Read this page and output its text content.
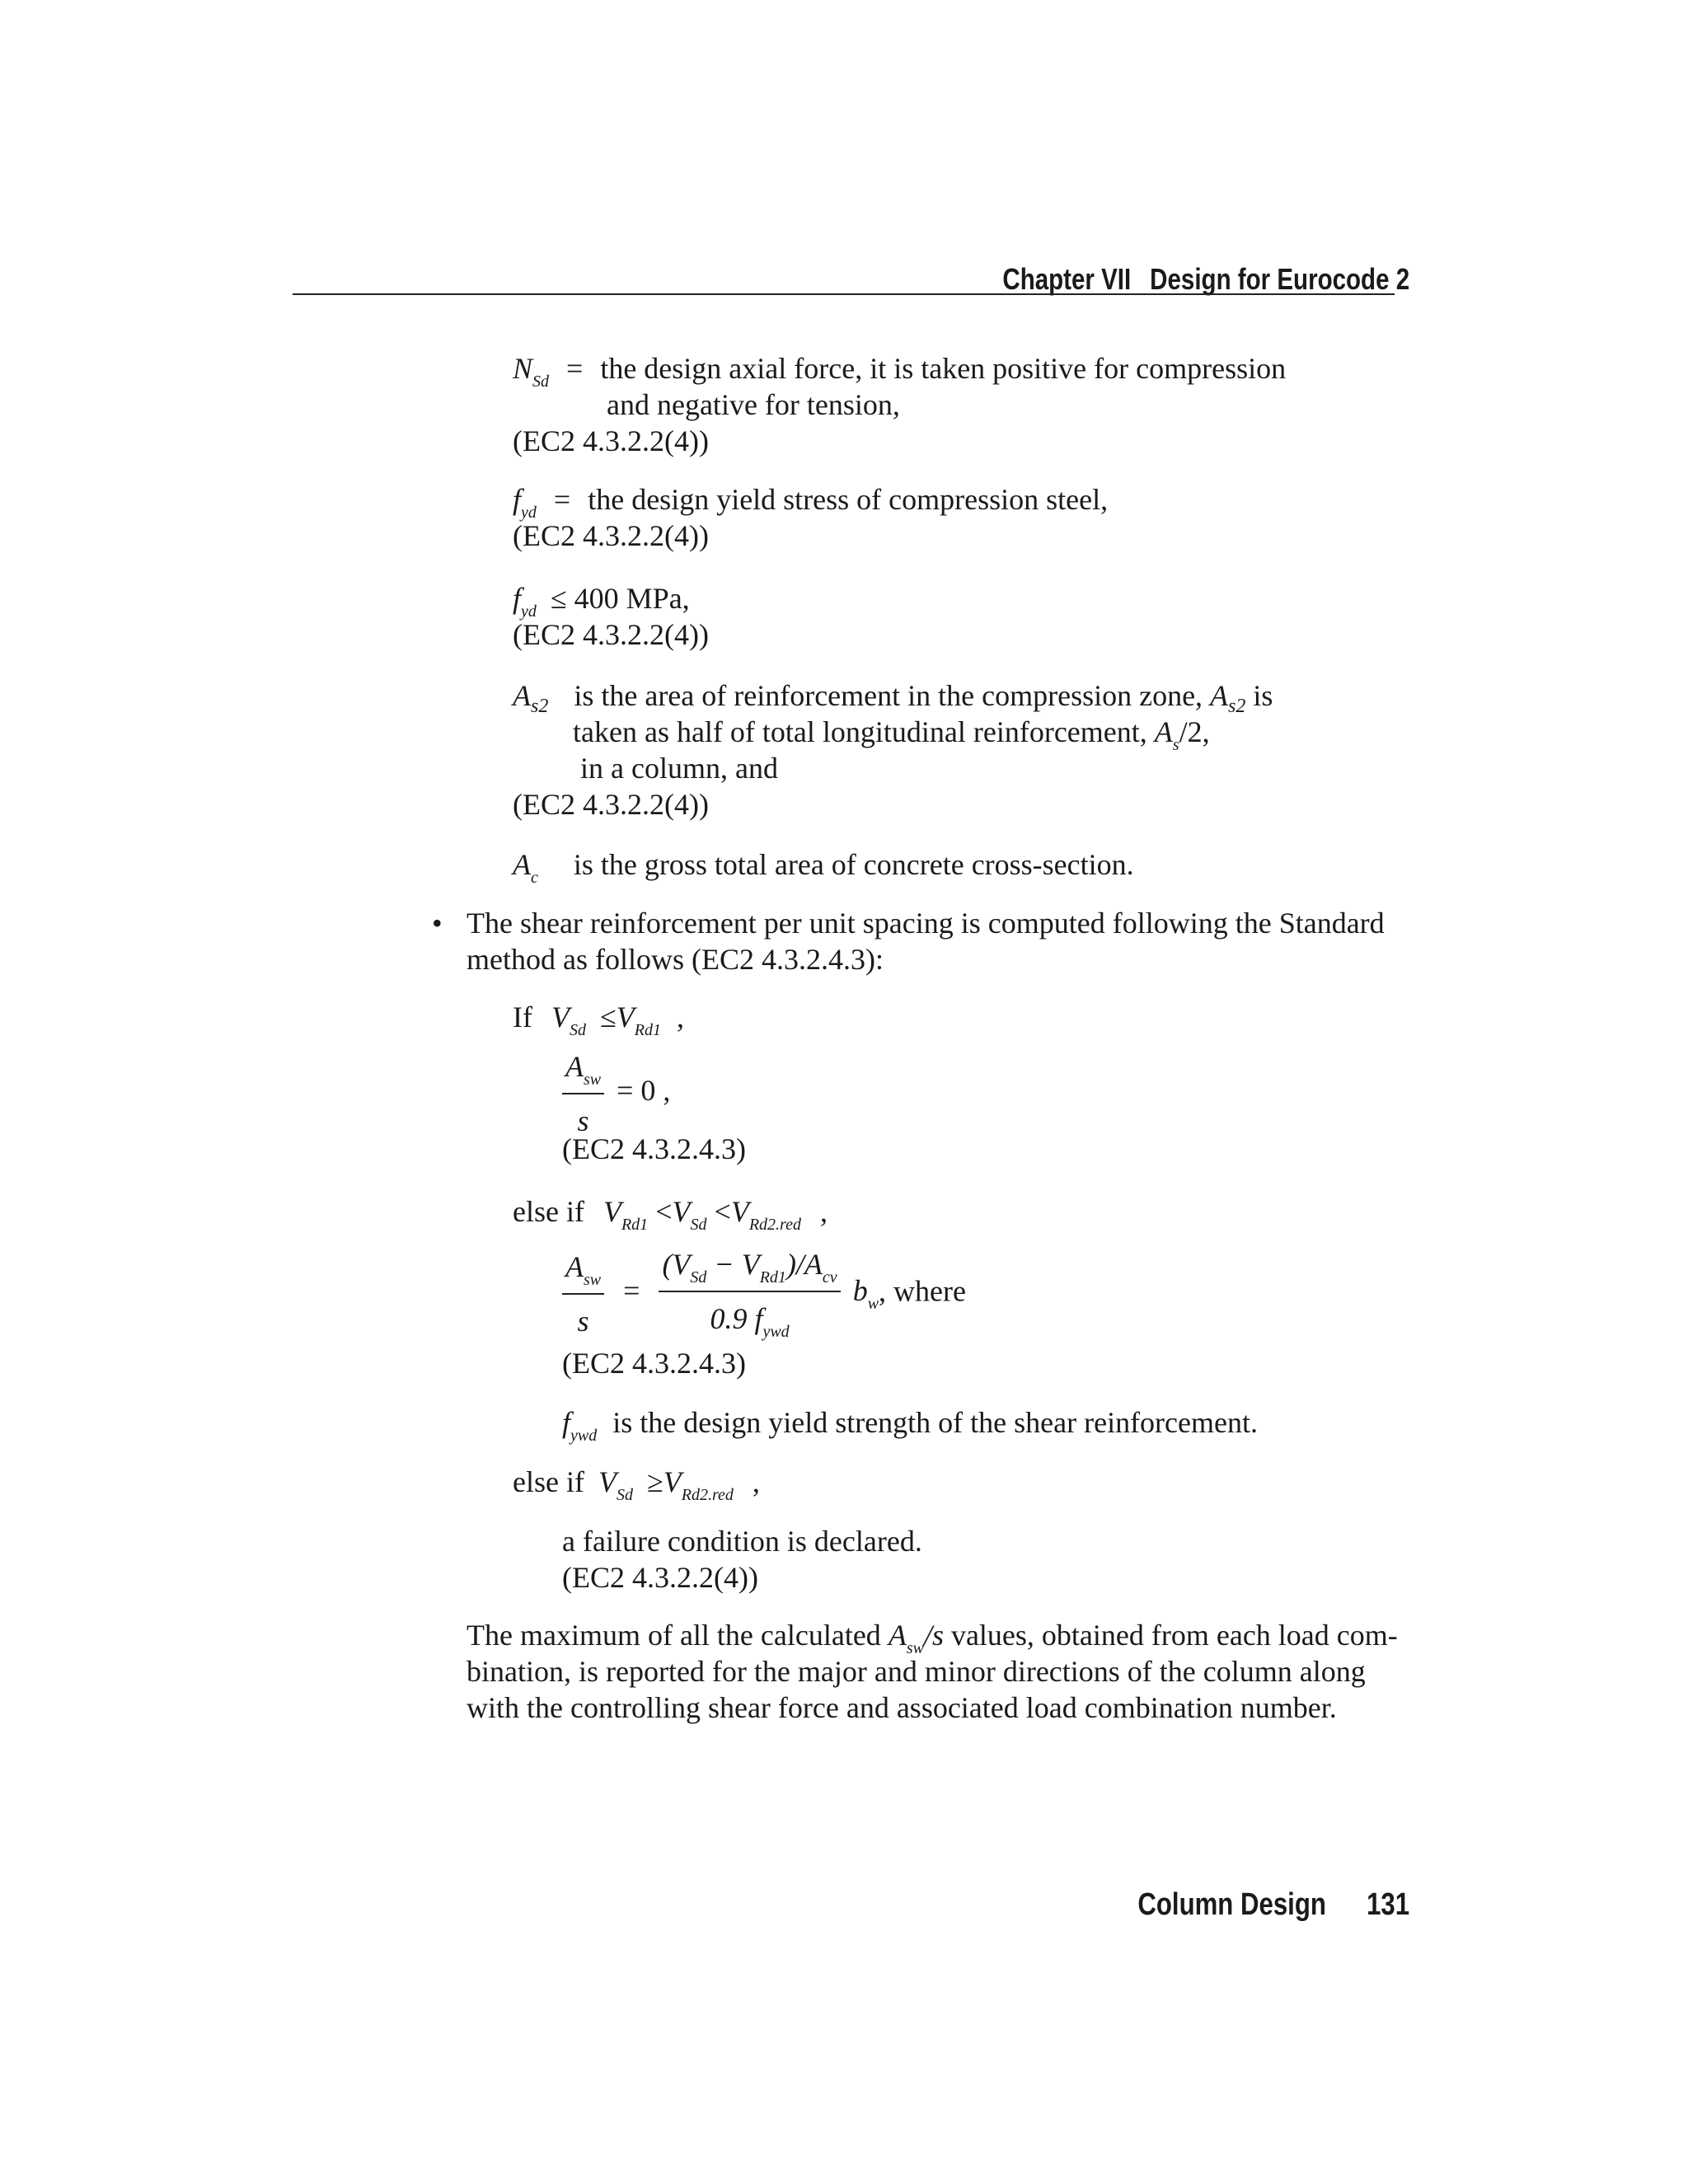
Chapter VII Design for Eurocode 2
$N_{Sd}$ = the design axial force, it is taken positive for compression
and negative for tension,
(EC2 4.3.2.2(4))
$f_{yd}$ = the design yield stress of compression steel,
(EC2 4.3.2.2(4))
$f_{yd} \le 400$ MPa,
(EC2 4.3.2.2(4))
$A_{s2}$ is the area of reinforcement in the compression zone, $A_{s2}$ is
taken as half of total longitudinal reinforcement, $A_s/2$,
in a column, and
(EC2 4.3.2.2(4))
$A_c$ is the gross total area of concrete cross-section.
• The shear reinforcement per unit spacing is computed following the Standard
method as follows (EC2 4.3.2.4.3):
If $V_{Sd} \le V_{Rd1}$ ,
$\frac{A_{sw}}{s} = 0$ ,
(EC2 4.3.2.4.3)
else if $V_{Rd1} <V_{Sd} <V_{Rd2.red}$ ,
$\frac{A_{sw}}{s} = \frac{(V_{Sd} - V_{Rd1})/A_{cv}}{0.9 f_{ywd}} b_w$, where
(EC2 4.3.2.4.3)
$f_{ywd}$ is the design yield strength of the shear reinforcement.
else if $V_{Sd} \ge V_{Rd2.red}$ ,
a failure condition is declared.
(EC2 4.3.2.2(4))
The maximum of all the calculated $A_{sw}/s$ values, obtained from each load com-
bination, is reported for the major and minor directions of the column along
with the controlling shear force and associated load combination number.
Column Design 131
